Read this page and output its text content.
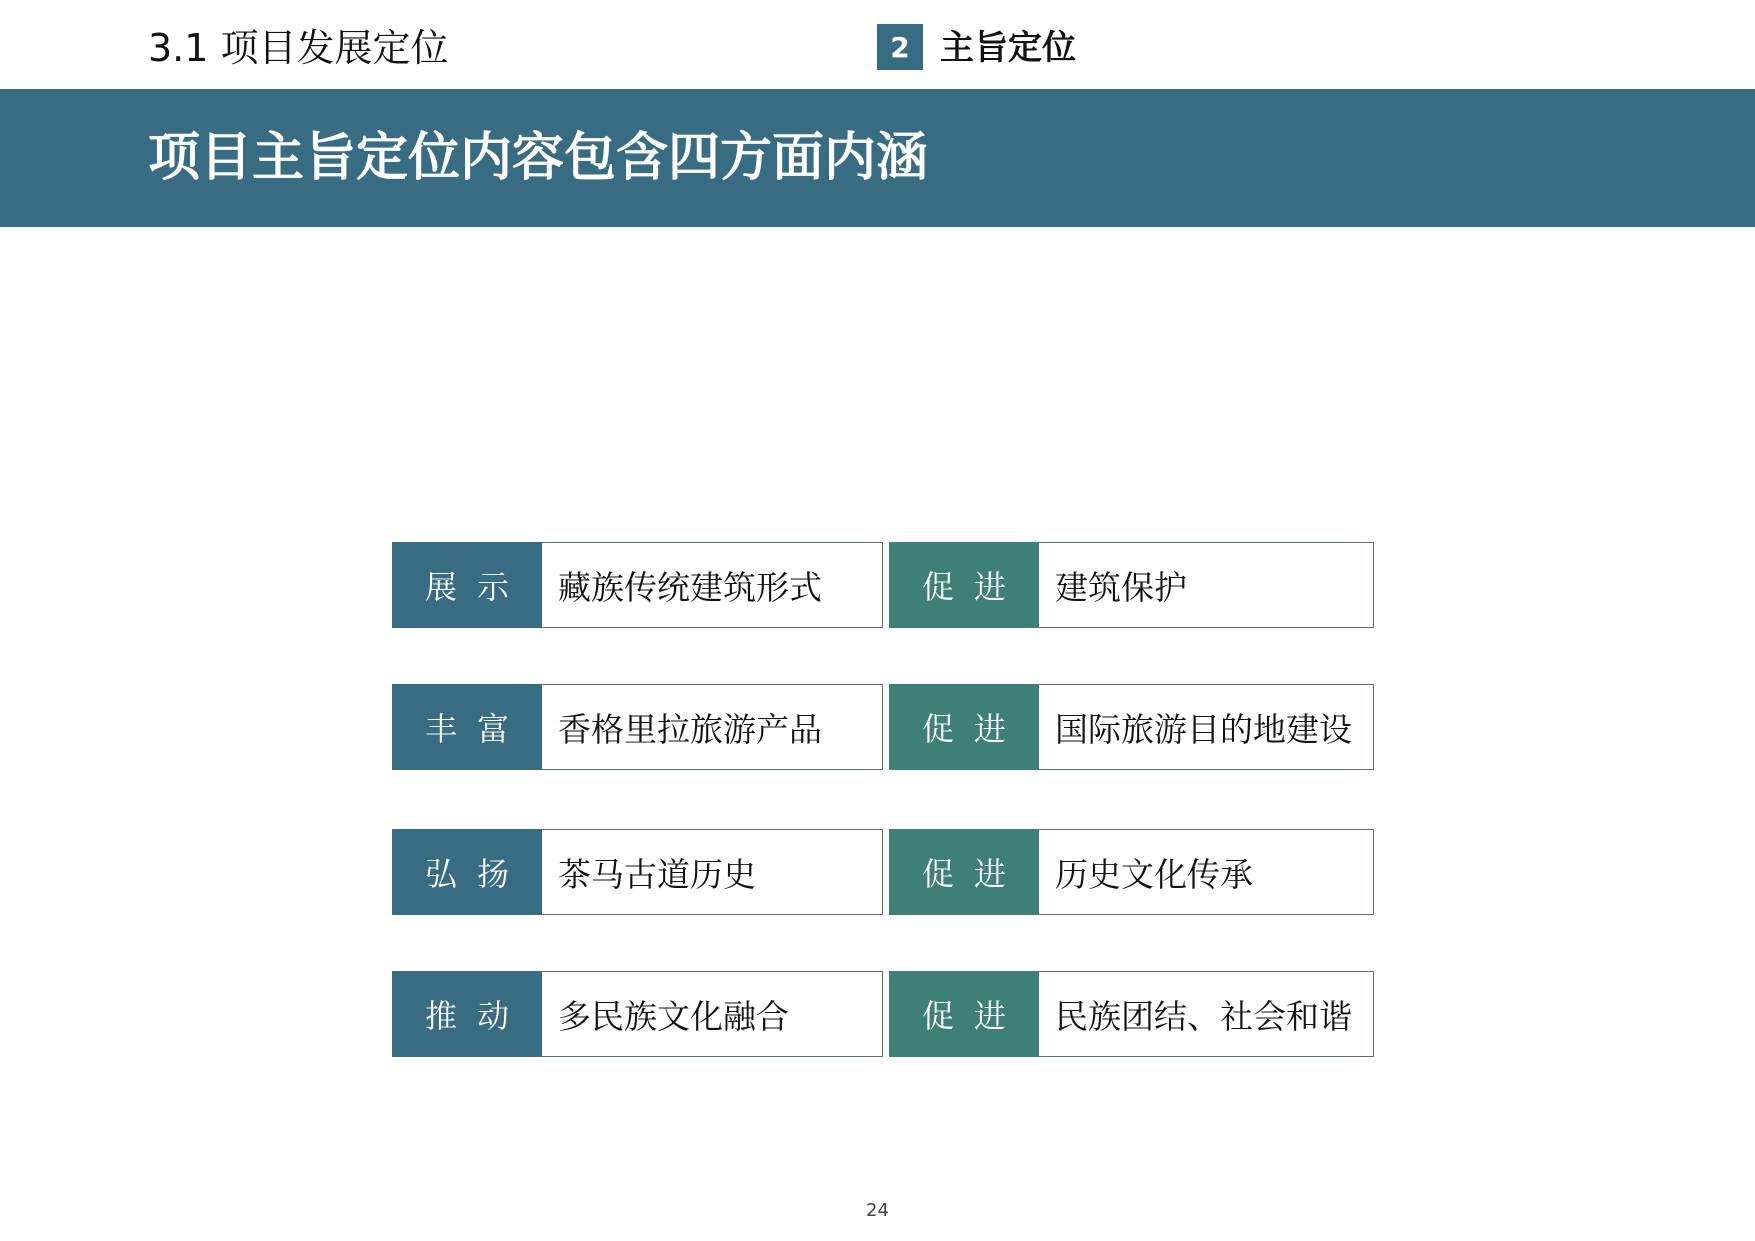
3.1 项目发展定位	2 主旨定位
项目主旨定位内容包含四方面内涵
展示 藏族传统建筑形式
丰富 香格里拉旅游产品
弘扬 茶马古道历史
推动 多民族文化融合
促进 建筑保护
促进 国际旅游目的地建设
促进 历史文化传承
促进 民族团结、社会和谐
24
